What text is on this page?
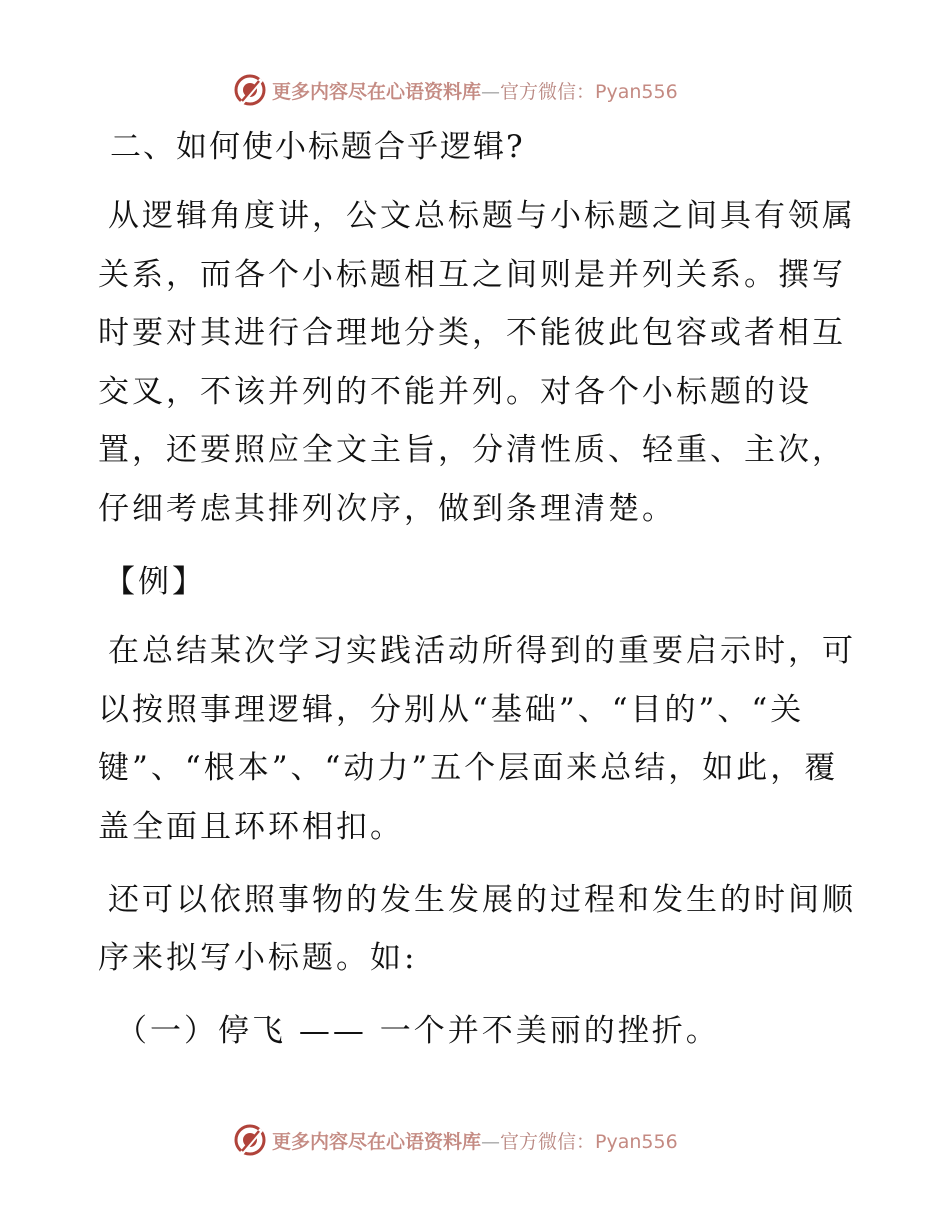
更多内容尽在心语资料库—官方微信：Pyan556
二、如何使小标题合乎逻辑?

从逻辑角度讲，公文总标题与小标题之间具有领属关系，而各个小标题相互之间则是并列关系。撰写时要对其进行合理地分类，不能彼此包容或者相互交叉，不该并列的不能并列。对各个小标题的设置，还要照应全文主旨，分清性质、轻重、主次，仔细考虑其排列次序，做到条理清楚。

【例】

在总结某次学习实践活动所得到的重要启示时，可以按照事理逻辑，分别从“基础”、“目的”、“关键”、“根本”、“动力”五个层面来总结，如此，覆盖全面且环环相扣。

还可以依照事物的发生发展的过程和发生的时间顺序来拟写小标题。如:

（一）停飞 —— 一个并不美丽的挫折。

更多内容尽在心语资料库—官方微信：Pyan556
